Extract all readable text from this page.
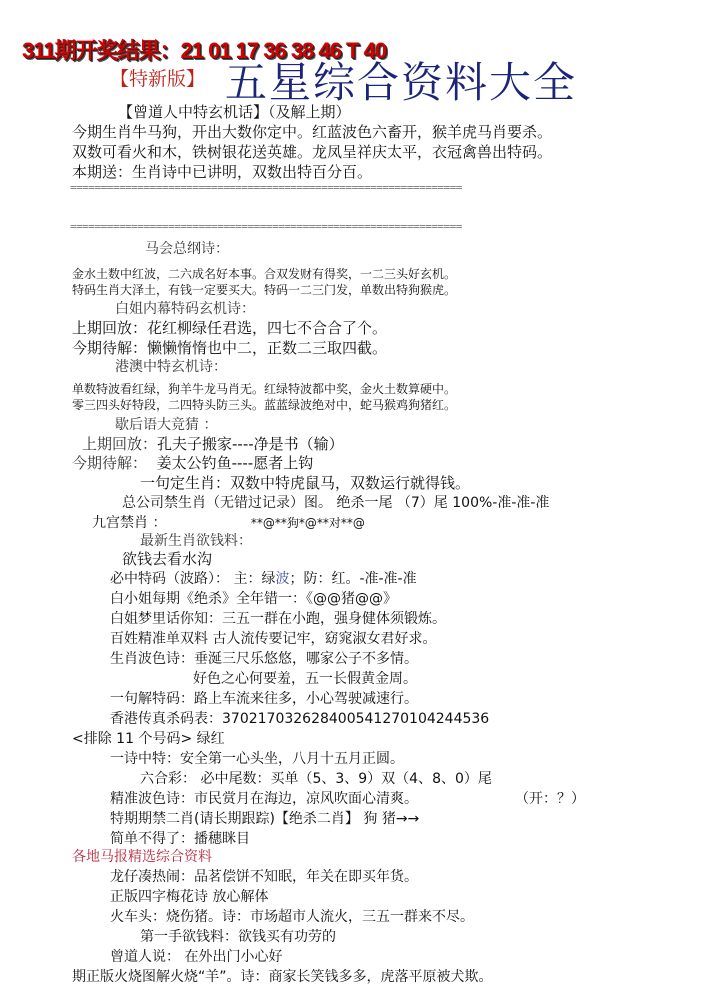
311期开奖结果：21 01 17 36 38 46 T 40
【特新版】 五星综合资料大全
【曾道人中特玄机话】（及解上期）
今期生肖牛马狗，开出大数你定中。红蓝波色六畜开，猴羊虎马肖要杀。
双数可看火和木，铁树银花送英雄。龙凤呈祥庆太平，衣冠禽兽出特码。
本期送：生肖诗中已讲明，双数出特百分百。
================================================================
================================================================
马会总纲诗：
金水土数中红波，二六成名好本事。合双发财有得奖，一二三头好玄机。
特码生肖大泽土，有钱一定要买大。特码一二三门发，单数出特狗猴虎。
白姐内幕特码玄机诗：
上期回放：花红柳绿任君选，四七不合合了个。
今期待解：懒懒惰惰也中二，正数二三取四截。
港澳中特玄机诗：
单数特波看红绿，狗羊牛龙马肖无。红绿特波都中奖，金火土数算硬中。
零三四头好特段，二四特头防三头。蓝蓝绿波绝对中，蛇马猴鸡狗猪红。
歇后语大竞猜 ：
上期回放：孔夫子搬家----净是书（输）
今期待解： 姜太公钓鱼----愿者上钩
一句定生肖：双数中特虎鼠马，双数运行就得钱。
总公司禁生肖（无错过记录）图。 绝杀一尾 （7）尾 100%-准-准-准
九宫禁肖 ：	**@**狗*@**对**@
最新生肖欲钱料：
欲钱去看水沟
必中特码（波路）： 主：绿波；防：红。-准-准-准
白小姐每期《绝杀》全年错一：《@@猪@@》
白姐梦里话你知：三五一群在小跑，强身健体须锻炼。
百姓精准单双料 古人流传要记牢，窈窕淑女君好求。
生肖波色诗：垂涎三尺乐悠悠，哪家公子不多情。
好色之心何要羞，五一长假黄金周。
一句解特码：路上车流来往多，小心驾驶减速行。
香港传真杀码表：37021703262840054127010424453​6
<排除 11 个号码> 绿红
一诗中特：安全第一心头坐，八月十五月正圆。
六合彩： 必中尾数：买单（5、3、9）双（4、8、0）尾
精准波色诗：市民赏月在海边，凉风吹面心清爽。	（开：？）
特期期禁二肖(请长期跟踪)【绝杀二肖】 狗 猪→→
简单不得了：播穗眯目
各地马报精选综合资料
龙仔凑热闹：品茗偿饼不知眠，年关在即买年货。
正版四字梅花诗 放心解体
火车头：烧伤猪。诗：市场超市人流火，三五一群来不尽。
第一手欲钱料：欲钱买有功劳的
曾道人说： 在外出门小心好
期正版火烧图解火烧“羊”。诗：商家长笑钱多多，虎落平原被犬欺。
